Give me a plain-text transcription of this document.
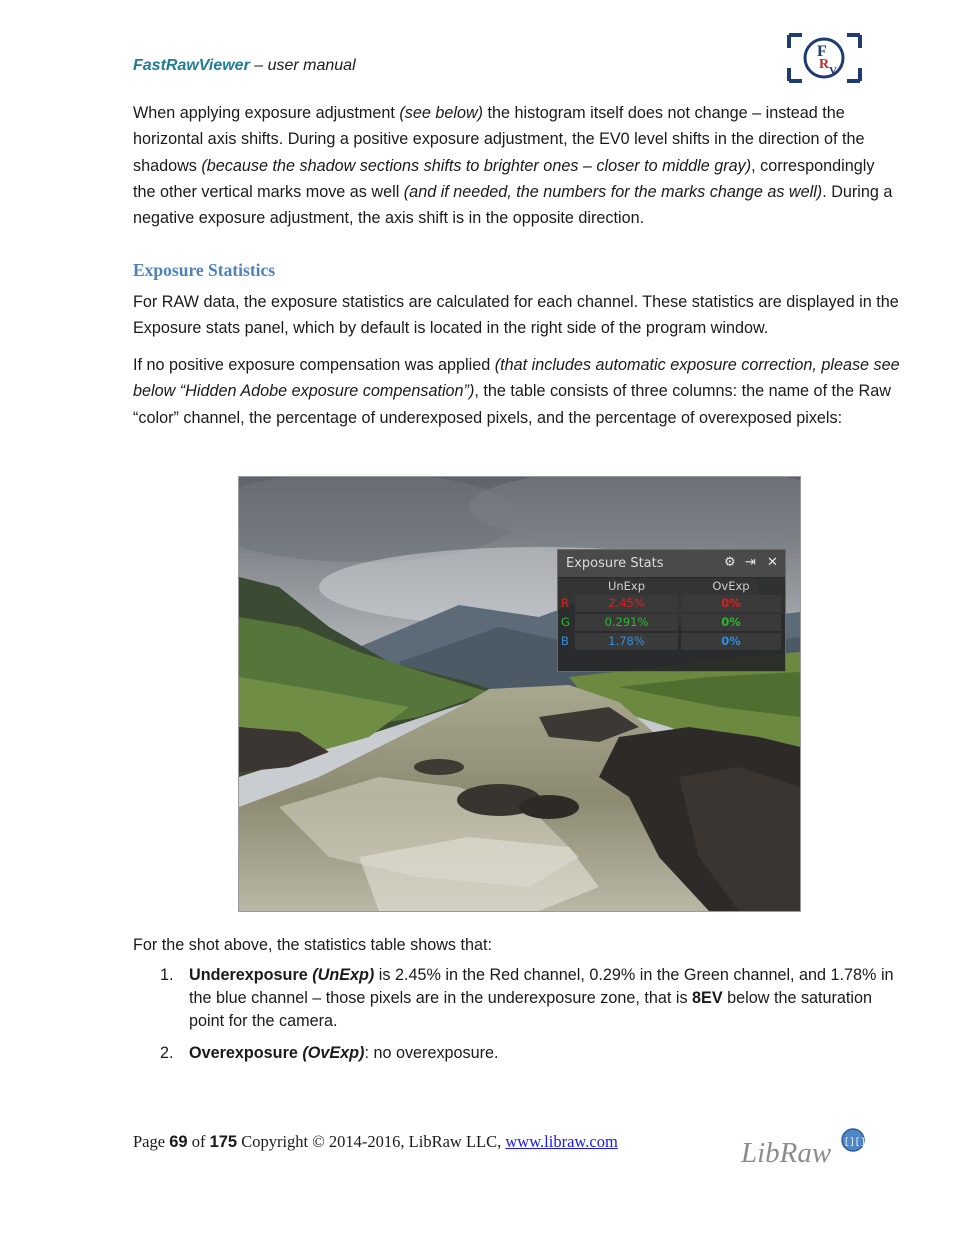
FastRawViewer – user manual
F
R V
When applying exposure adjustment (see below) the histogram itself does not change – instead the horizontal axis shifts. During a positive exposure adjustment, the EV0 level shifts in the direction of the shadows (because the shadow sections shifts to brighter ones – closer to middle gray), correspondingly the other vertical marks move as well (and if needed, the numbers for the marks change as well). During a negative exposure adjustment, the axis shift is in the opposite direction.
Exposure Statistics
For RAW data, the exposure statistics are calculated for each channel. These statistics are displayed in the Exposure stats panel, which by default is located in the right side of the program window.
If no positive exposure compensation was applied (that includes automatic exposure correction, please see below “Hidden Adobe exposure compensation”), the table consists of three columns: the name of the Raw “color” channel, the percentage of underexposed pixels, and the percentage of overexposed pixels:
Exposure Stats	⚙ ⇥ ✕
UnExp	OvExp
R	2.45%	0%
G	0.291%	0%
B	1.78%	0%
For the shot above, the statistics table shows that:
1. Underexposure (UnExp) is 2.45% in the Red channel, 0.29% in the Green channel, and 1.78% in the blue channel – those pixels are in the underexposure zone, that is 8EV below the saturation point for the camera.
2. Overexposure (OvExp): no overexposure.
Page 69 of 175 Copyright © 2014-2016, LibRaw LLC, www.libraw.com	LibRaw [][]
